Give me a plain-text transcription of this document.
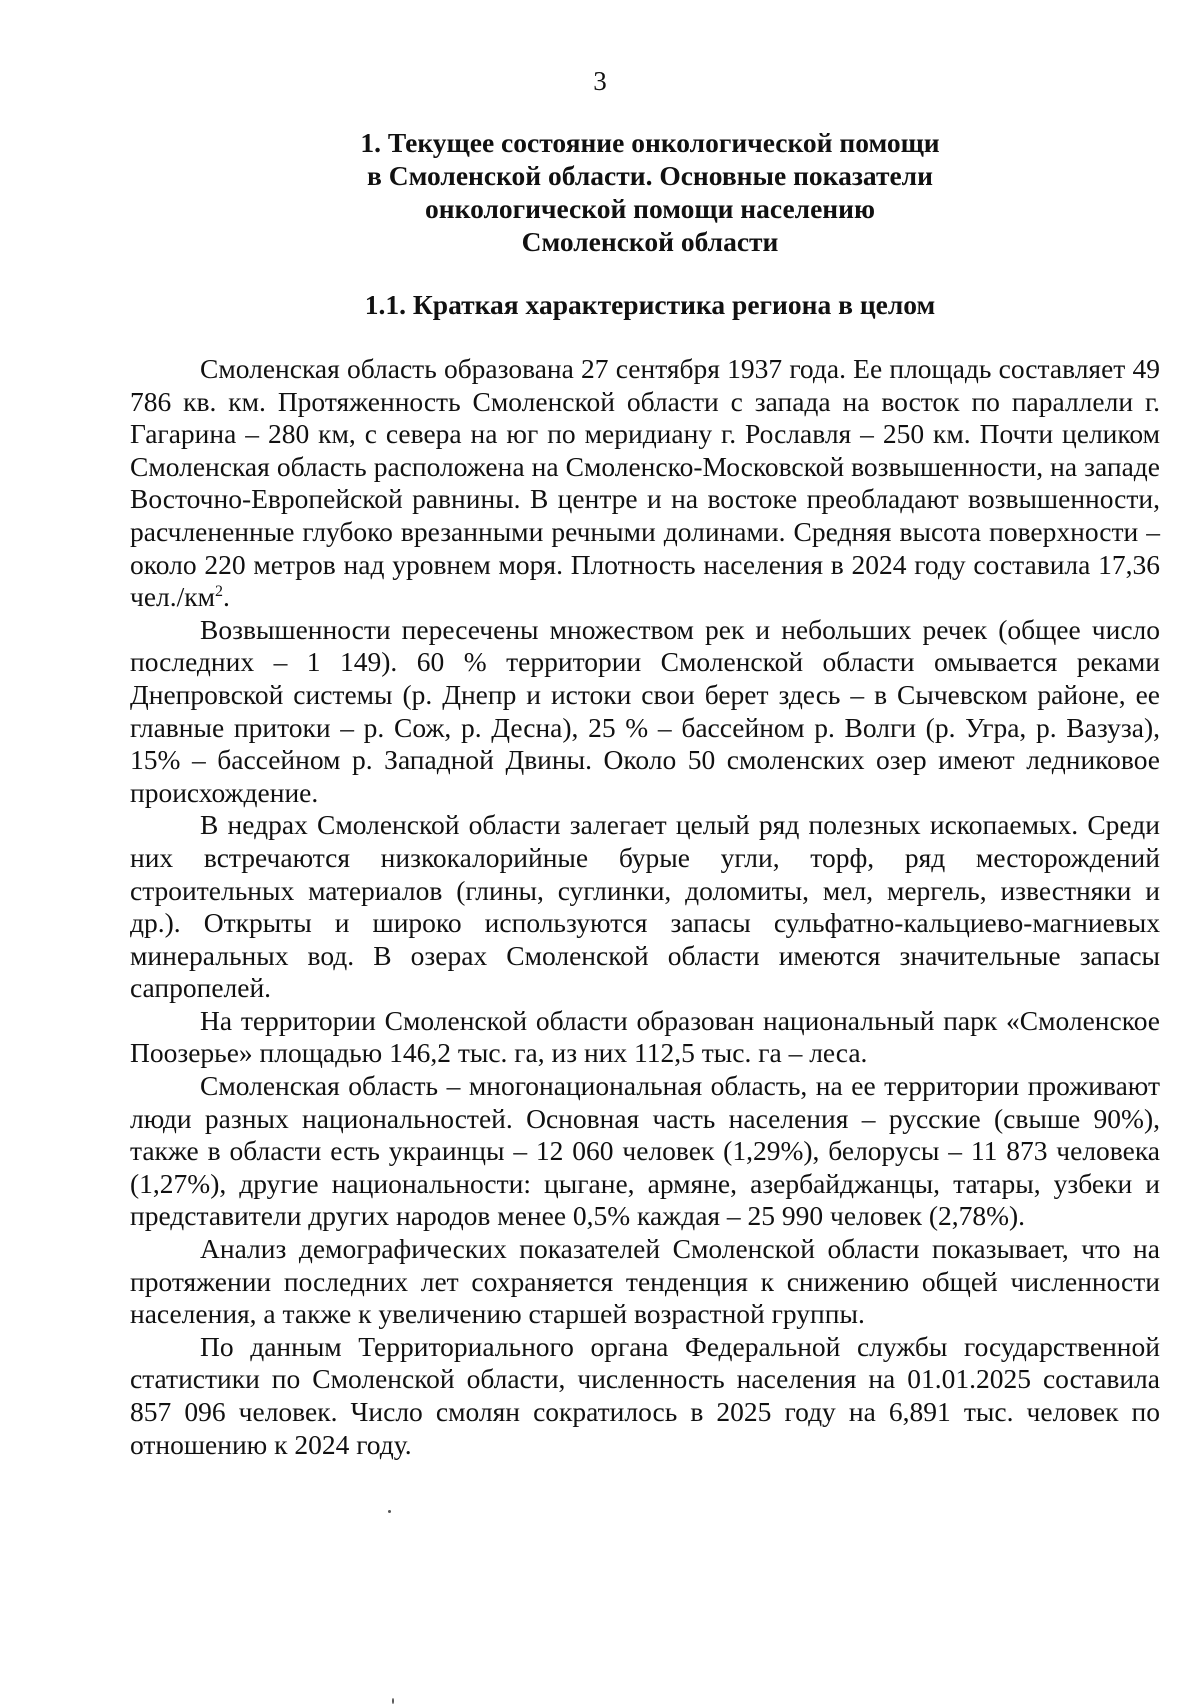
3
1. Текущее состояние онкологической помощи
в Смоленской области. Основные показатели
онкологической помощи населению
Смоленской области
1.1. Краткая характеристика региона в целом

Смоленская область образована 27 сентября 1937 года. Ее площадь составляет 49 786 кв. км. Протяженность Смоленской области с запада на восток по параллели г. Гагарина – 280 км, с севера на юг по меридиану г. Рославля – 250 км. Почти целиком Смоленская область расположена на Смоленско-Московской возвышенности, на западе Восточно-Европейской равнины. В центре и на востоке преобладают возвышенности, расчлененные глубоко врезанными речными долинами. Средняя высота поверхности – около 220 метров над уровнем моря. Плотность населения в 2024 году составила 17,36 $чел./км^2$.

Возвышенности пересечены множеством рек и небольших речек (общее число последних – 1 149). 60 % территории Смоленской области омывается реками Днепровской системы (р. Днепр и истоки свои берет здесь – в Сычевском районе, ее главные притоки – р. Сож, р. Десна), 25 % – бассейном р. Волги (р. Угра, р. Вазуза), 15% – бассейном р. Западной Двины. Около 50 смоленских озер имеют ледниковое происхождение.

В недрах Смоленской области залегает целый ряд полезных ископаемых. Среди них встречаются низкокалорийные бурые угли, торф, ряд месторождений строительных материалов (глины, суглинки, доломиты, мел, мергель, известняки и др.). Открыты и широко используются запасы сульфатно-кальциево-магниевых минеральных вод. В озерах Смоленской области имеются значительные запасы сапропелей.

На территории Смоленской области образован национальный парк «Смоленское Поозерье» площадью 146,2 тыс. га, из них 112,5 тыс. га – леса.

Смоленская область – многонациональная область, на ее территории проживают люди разных национальностей. Основная часть населения – русские (свыше 90%), также в области есть украинцы – 12 060 человек (1,29%), белорусы – 11 873 человека (1,27%), другие национальности: цыгане, армяне, азербайджанцы, татары, узбеки и представители других народов менее 0,5% каждая – 25 990 человек (2,78%).

Анализ демографических показателей Смоленской области показывает, что на протяжении последних лет сохраняется тенденция к снижению общей численности населения, а также к увеличению старшей возрастной группы.

По данным Территориального органа Федеральной службы государственной статистики по Смоленской области, численность населения на 01.01.2025 составила 857 096 человек. Число смолян сократилось в 2025 году на 6,891 тыс. человек по отношению к 2024 году.
